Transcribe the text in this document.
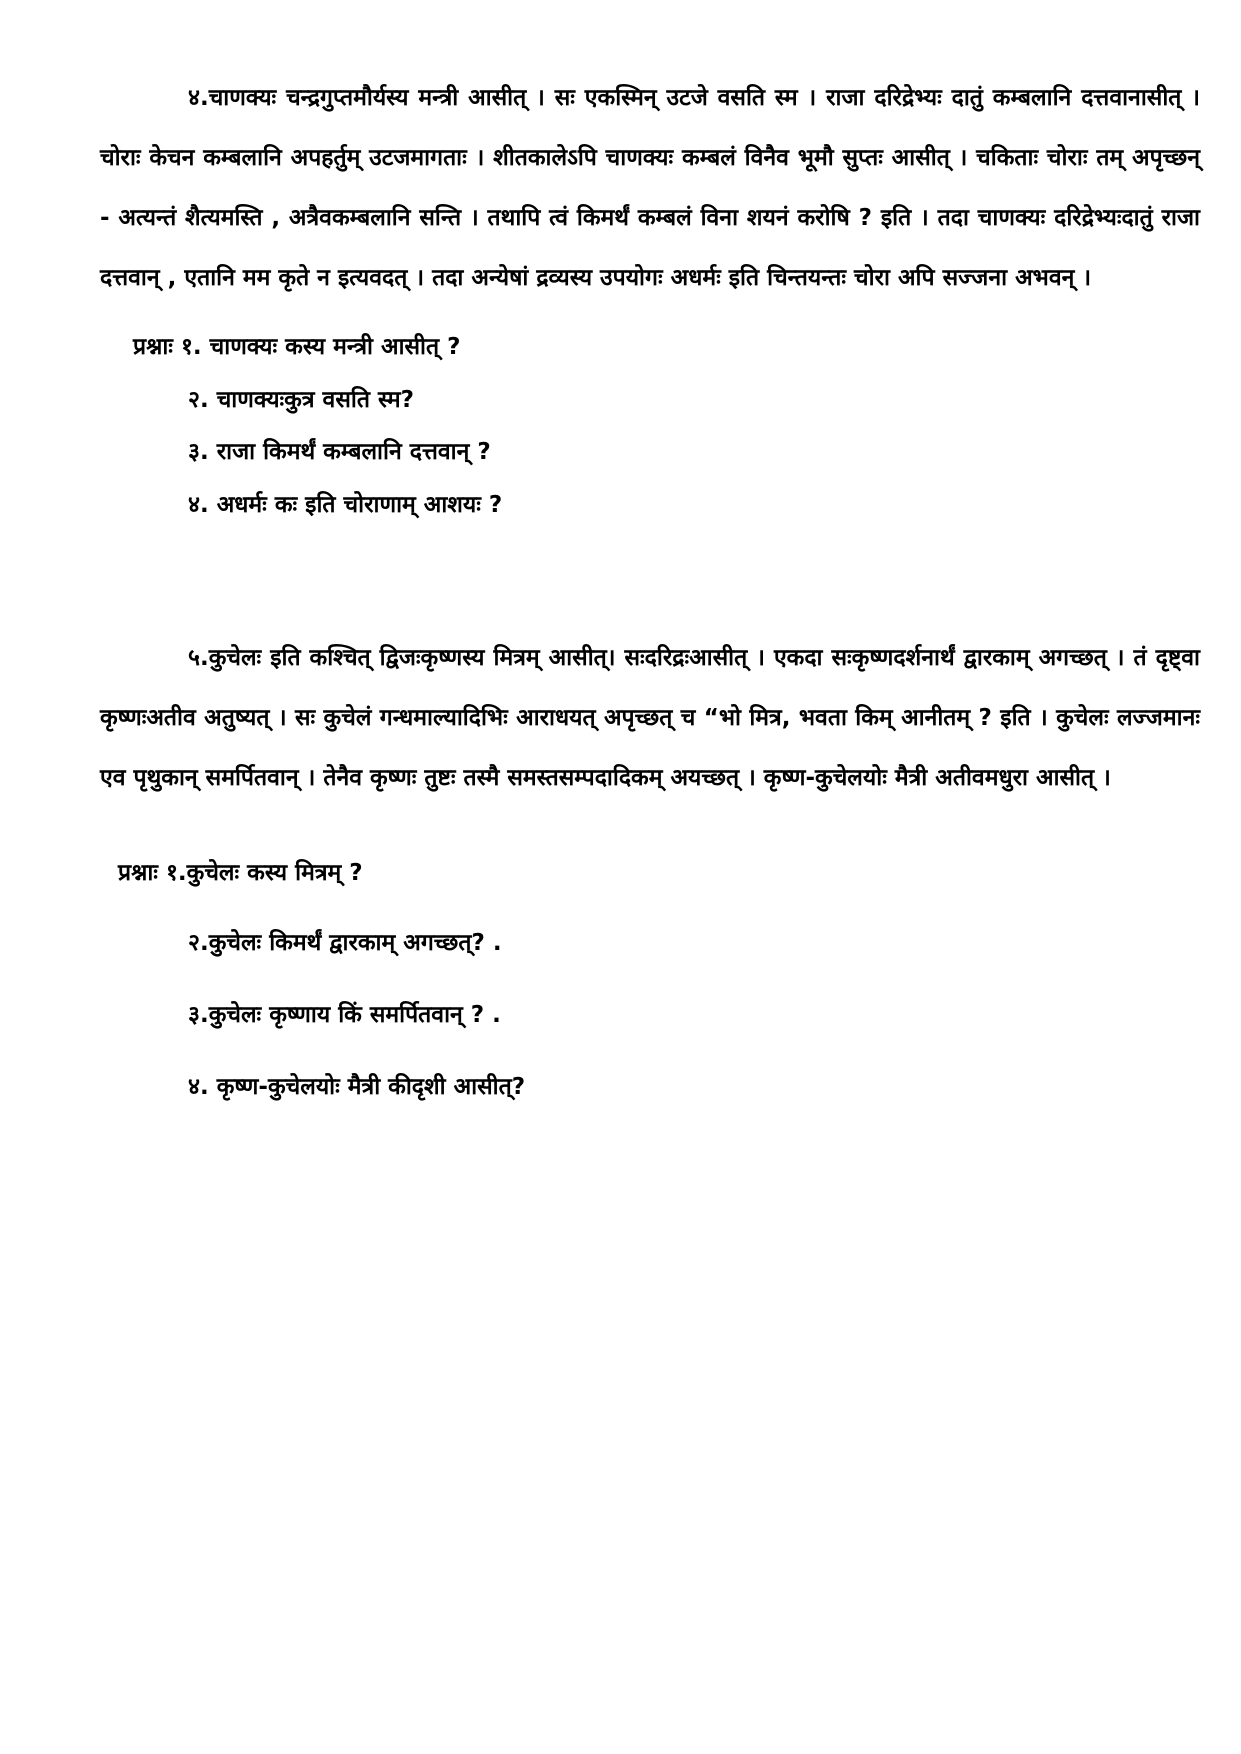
४.चाणक्यः चन्द्रगुप्तमौर्यस्य मन्त्री आसीत् । सः एकस्मिन् उटजे वसति स्म । राजा दरिद्रेभ्यः दातुं कम्बलानि दत्तवानासीत् । चोराः केचन कम्बलानि अपहर्तुम् उटजमागताः । शीतकालेऽपि चाणक्यः कम्बलं विनैव भूमौ सुप्तः आसीत् । चकिताः चोराः तम् अपृच्छन् - अत्यन्तं शैत्यमस्ति , अत्रैवकम्बलानि सन्ति । तथापि त्वं किमर्थं कम्बलं विना शयनं करोषि ? इति । तदा चाणक्यः दरिद्रेभ्यःदातुं राजा दत्तवान् , एतानि मम कृते न इत्यवदत् । तदा अन्येषां द्रव्यस्य उपयोगः अधर्मः इति चिन्तयन्तः चोरा अपि सज्जना अभवन् ।

प्रश्नाः १. चाणक्यः कस्य मन्त्री आसीत् ?
२. चाणक्यःकुत्र वसति स्म?
३. राजा किमर्थं कम्बलानि दत्तवान् ?
४. अधर्मः कः इति चोराणाम् आशयः ?

५.कुचेलः इति कश्चित् द्विजःकृष्णस्य मित्रम् आसीत्। सःदरिद्रःआसीत् । एकदा सःकृष्णदर्शनार्थं द्वारकाम् अगच्छत् । तं दृष्ट्वा कृष्णःअतीव अतुष्यत् । सः कुचेलं गन्धमाल्यादिभिः आराधयत् अपृच्छत् च “भो मित्र, भवता किम् आनीतम् ? इति । कुचेलः लज्जमानः एव पृथुकान् समर्पितवान् । तेनैव कृष्णः तुष्टः तस्मै समस्तसम्पदादिकम् अयच्छत् । कृष्ण-कुचेलयोः मैत्री अतीवमधुरा आसीत् ।

प्रश्नाः १.कुचेलः कस्य मित्रम् ?
२.कुचेलः किमर्थं द्वारकाम् अगच्छत्? .
३.कुचेलः कृष्णाय किं समर्पितवान् ? .
४. कृष्ण-कुचेलयोः मैत्री कीदृशी आसीत्?
